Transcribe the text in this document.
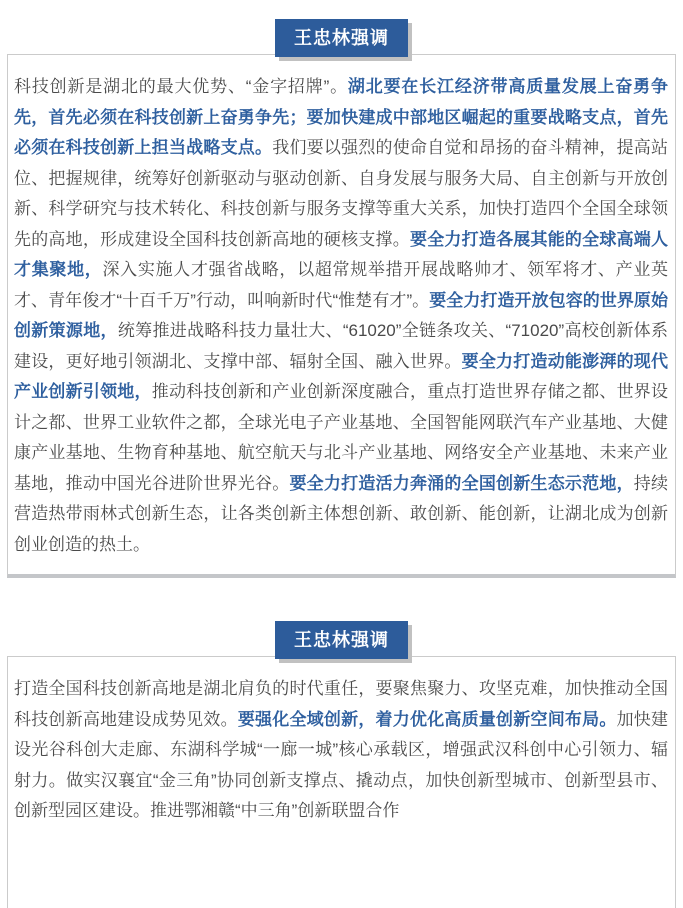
王忠林强调

科技创新是湖北的最大优势、“金字招牌”。湖北要在长江经济带高质量发展上奋勇争先，首先必须在科技创新上奋勇争先；要加快建成中部地区崛起的重要战略支点，首先必须在科技创新上担当战略支点。我们要以强烈的使命自觉和昂扬的奋斗精神，提高站位、把握规律，统筹好创新驱动与驱动创新、自身发展与服务大局、自主创新与开放创新、科学研究与技术转化、科技创新与服务支撑等重大关系，加快打造四个全国全球领先的高地，形成建设全国科技创新高地的硬核支撑。要全力打造各展其能的全球高端人才集聚地，深入实施人才强省战略，以超常规举措开展战略帅才、领军将才、产业英才、青年俊才“十百千万”行动，叫响新时代“惟楚有才”。要全力打造开放包容的世界原始创新策源地，统筹推进战略科技力量壮大、“61020”全链条攻关、“71020”高校创新体系建设，更好地引领湖北、支撑中部、辐射全国、融入世界。要全力打造动能澎湃的现代产业创新引领地，推动科技创新和产业创新深度融合，重点打造世界存储之都、世界设计之都、世界工业软件之都，全球光电子产业基地、全国智能网联汽车产业基地、大健康产业基地、生物育种基地、航空航天与北斗产业基地、网络安全产业基地、未来产业基地，推动中国光谷进阶世界光谷。要全力打造活力奔涌的全国创新生态示范地，持续营造热带雨林式创新生态，让各类创新主体想创新、敢创新、能创新，让湖北成为创新创业创造的热土。

王忠林强调

打造全国科技创新高地是湖北肩负的时代重任，要聚焦聚力、攻坚克难，加快推动全国科技创新高地建设成势见效。要强化全域创新，着力优化高质量创新空间布局。加快建设光谷科创大走廊、东湖科学城“一廊一城”核心承载区，增强武汉科创中心引领力、辐射力。做实汉襄宜“金三角”协同创新支撑点、撬动点，加快创新型城市、创新型县市、创新型园区建设。推进鄂湘赣“中三角”创新联盟合作
